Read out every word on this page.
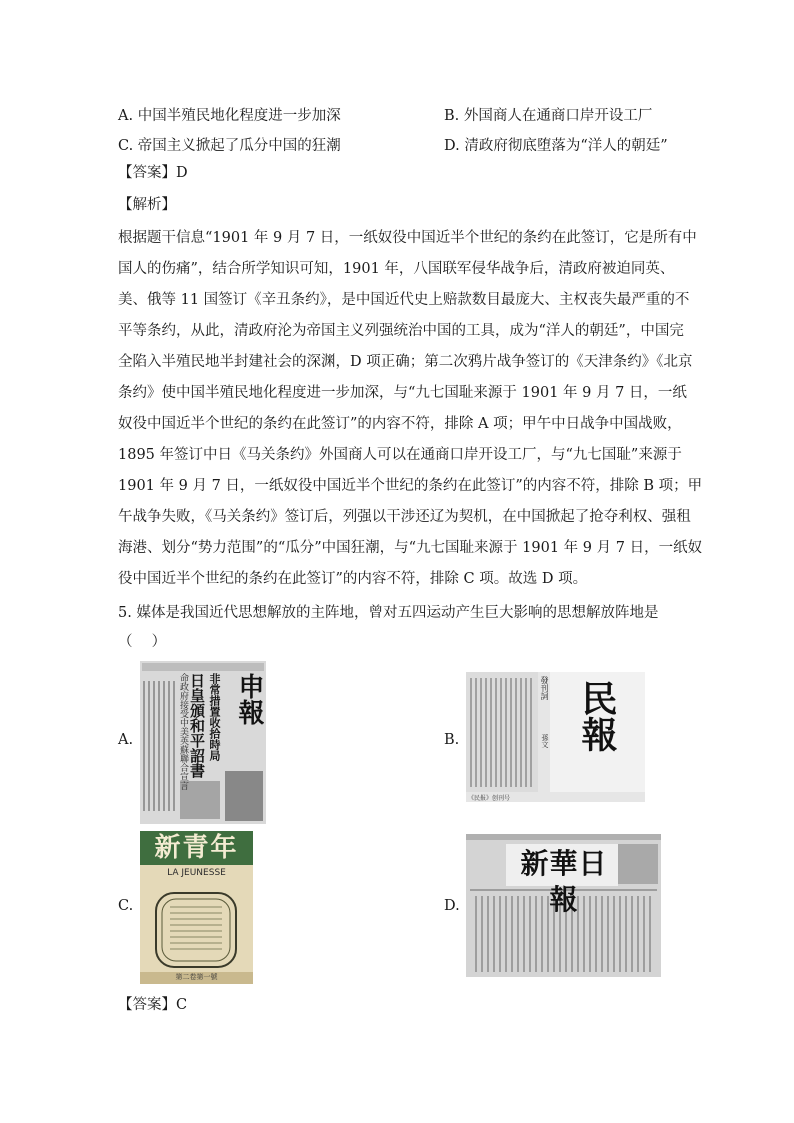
A. 中国半殖民地化程度进一步加深	B. 外国商人在通商口岸开设工厂
C. 帝国主义掀起了瓜分中国的狂潮	D. 清政府彻底堕落为“洋人的朝廷”
【答案】D
【解析】
根据题干信息“1901 年 9 月 7 日，一纸奴役中国近半个世纪的条约在此签订，它是所有中
国人的伤痛”，结合所学知识可知，1901 年，八国联军侵华战争后，清政府被迫同英、
美、俄等 11 国签订《辛丑条约》，是中国近代史上赔款数目最庞大、主权丧失最严重的不
平等条约，从此，清政府沦为帝国主义列强统治中国的工具，成为“洋人的朝廷”，中国完
全陷入半殖民地半封建社会的深渊，D 项正确；第二次鸦片战争签订的《天津条约》《北京
条约》使中国半殖民地化程度进一步加深，与“九七国耻来源于 1901 年 9 月 7 日，一纸
奴役中国近半个世纪的条约在此签订”的内容不符，排除 A 项；甲午中日战争中国战败，
1895 年签订中日《马关条约》外国商人可以在通商口岸开设工厂，与“九七国耻”来源于
1901 年 9 月 7 日，一纸奴役中国近半个世纪的条约在此签订”的内容不符，排除 B 项；甲
午战争失败，《马关条约》签订后，列强以干涉还辽为契机，在中国掀起了抢夺利权、强租
海港、划分“势力范围”的“瓜分”中国狂潮，与“九七国耻来源于 1901 年 9 月 7 日，一纸奴
役中国近半个世纪的条约在此签订”的内容不符，排除 C 项。故选 D 项。
5. 媒体是我国近代思想解放的主阵地，曾对五四运动产生巨大影响的思想解放阵地是
（　 ）
A.
申報
非常措置收拾時局
日皇頒和平詔書
命政府接受中美英蘇聯合宣言	B.
發刊詞 民報
孫文
《民报》创刊号
C.
新青年
LA JEUNESSE
第二卷第一號
D.
新華日報
【答案】C
